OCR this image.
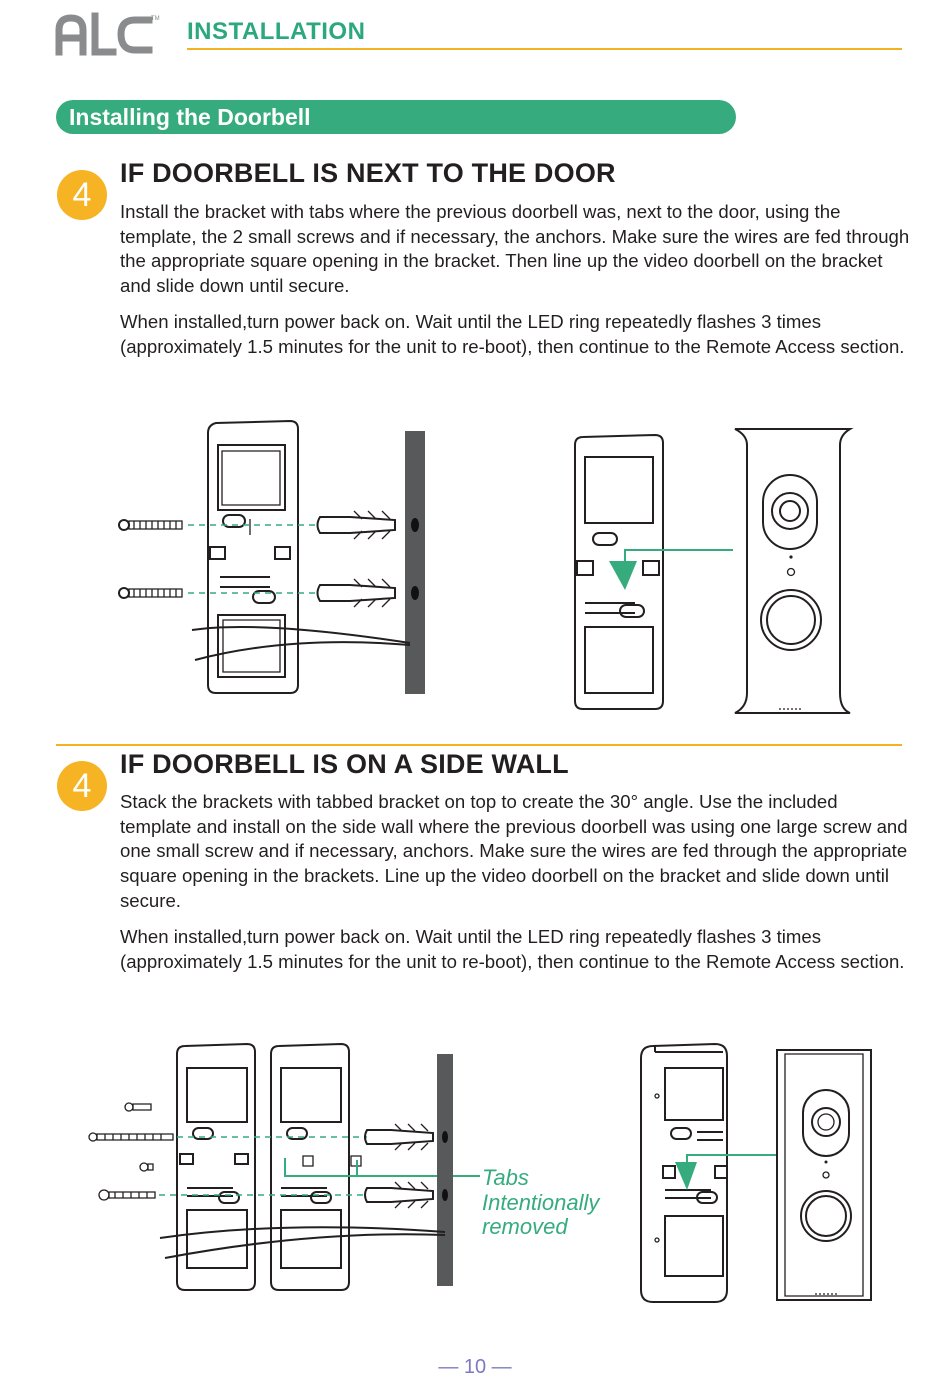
TM INSTALLATION
Installing the Doorbell
4
IF DOORBELL IS NEXT TO THE DOOR
Install the bracket with tabs where the previous doorbell was, next to the door, using the template, the 2 small screws and if necessary, the anchors. Make sure the wires are fed through the appropriate square opening in the bracket. Then line up the video doorbell on the bracket and slide down until secure.
When installed,turn power back on. Wait until the LED ring repeatedly flashes 3 times (approximately 1.5 minutes for the unit to re-boot), then continue to the Remote Access section.
4
IF DOORBELL IS ON A SIDE WALL
Stack the brackets with tabbed bracket on top to create the 30° angle. Use the included template and install on the side wall where the previous doorbell was using one large screw and one small screw and if necessary, anchors. Make sure the wires are fed through the appropriate square opening in the brackets. Line up the video doorbell on the bracket and slide down until secure.
When installed,turn power back on. Wait until the LED ring repeatedly flashes 3 times (approximately 1.5 minutes for the unit to re-boot), then continue to the Remote Access section.
Tabs
Intentionally
removed
— 10 —
